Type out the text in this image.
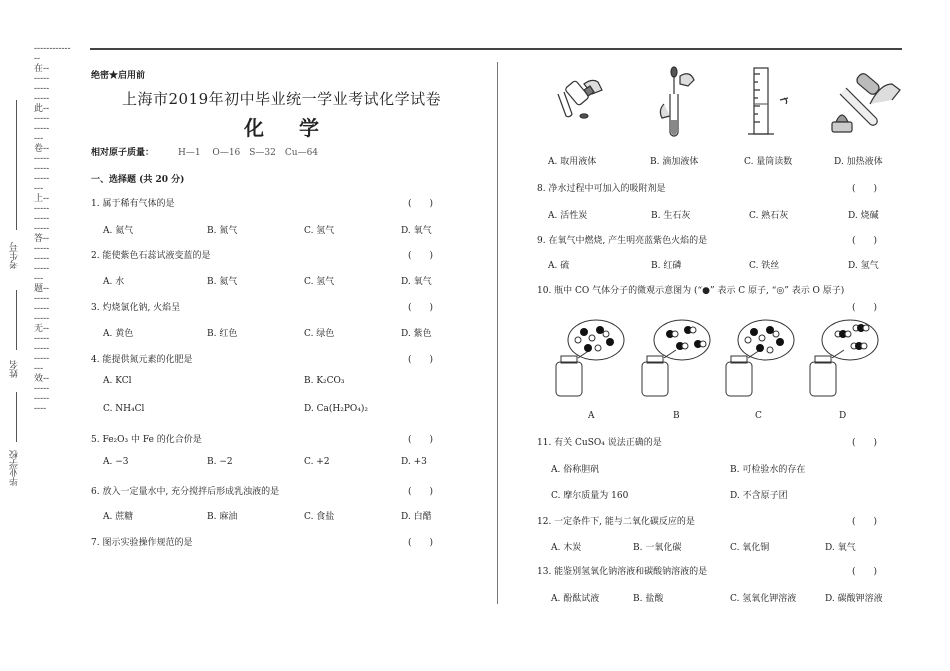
------------
--
在--
-----
-----
-----
此--
-----
-----
---
卷--
-----
-----
-----
---
上--
-----
-----
-----
答--
-----
-----
-----
---
题--
-----
-----
-----
无--
-----
-----
-----
---
效--
-----
-----
----
考生号
姓名
毕业学校
绝密★启用前
上海市2019年初中毕业统一学业考试化学试卷
化 学
相对原子质量：	H—1　 O—16　S—32　Cu—64
一、选择题 (共 20 分)
1. 属于稀有气体的是	(　　)
A. 氦气	B. 氮气	C. 氢气	D. 氧气
2. 能使紫色石蕊试液变蓝的是	(　　)
A. 水	B. 氦气	C. 氢气	D. 氧气
3. 灼烧氯化钠, 火焰呈	(　　)
A. 黄色	B. 红色	C. 绿色	D. 紫色
4. 能提供氮元素的化肥是	(　　)
A. KCl	B. K₂CO₃
C. NH₄Cl	D. Ca(H₂PO₄)₂
5. Fe₂O₃ 中 Fe 的化合价是	(　　)
A. −3	B. −2	C. +2	D. +3
6. 放入一定量水中, 充分搅拌后形成乳浊液的是	(　　)
A. 蔗糖	B. 麻油	C. 食盐	D. 白醋
7. 图示实验操作规范的是	(　　)
A. 取用液体	B. 滴加液体	C. 量筒读数	D. 加热液体
8. 净水过程中可加入的吸附剂是	(　　)
A. 活性炭	B. 生石灰	C. 熟石灰	D. 烧碱
9. 在氧气中燃烧, 产生明亮蓝紫色火焰的是	(　　)
A. 硫	B. 红磷	C. 铁丝	D. 氢气
10. 瓶中 CO 气体分子的微观示意图为 (“●” 表示 C 原子, “◎” 表示 O 原子)
(　　)
A	B	C	D
11. 有关 CuSO₄ 说法正确的是	(　　)
A. 俗称胆矾	B. 可检验水的存在
C. 摩尔质量为 160	D. 不含原子团
12. 一定条件下, 能与二氧化碳反应的是	(　　)
A. 木炭	B. 一氧化碳	C. 氧化铜	D. 氧气
13. 能鉴别氢氧化钠溶液和碳酸钠溶液的是	(　　)
A. 酚酞试液	B. 盐酸	C. 氢氧化钾溶液	D. 碳酸钾溶液
